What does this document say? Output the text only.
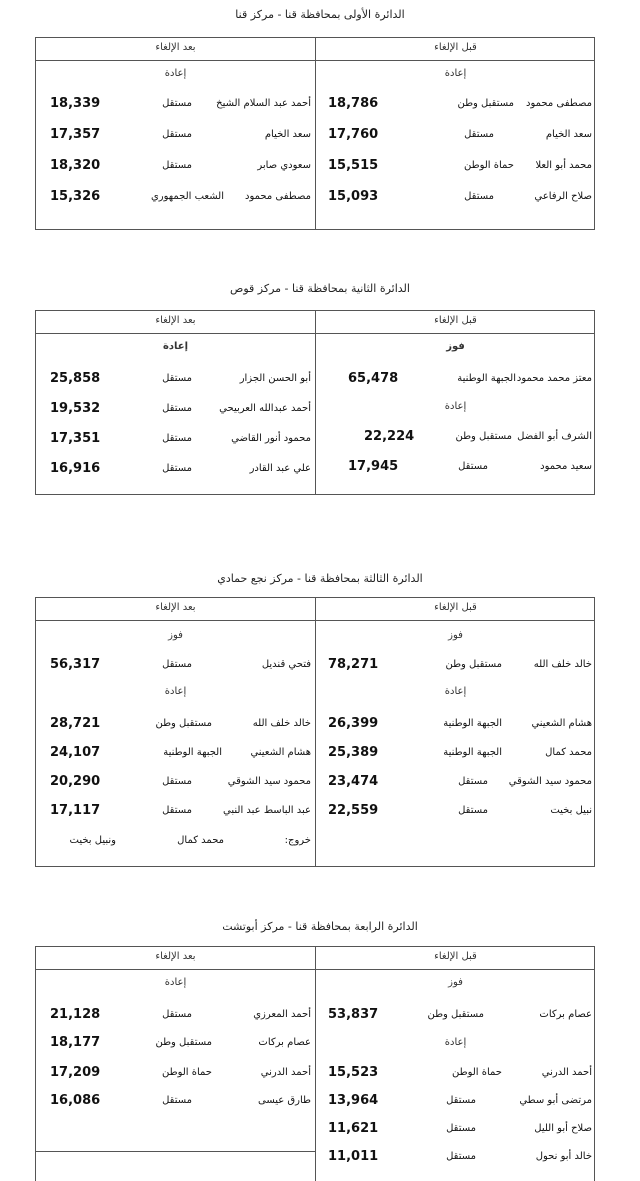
الدائرة الأولى بمحافظة قنا - مركز قنا
قبل الإلغاء
بعد الإلغاء
إعادة
مصطفى محمود
مستقبل وطن
18,786
سعد الخيام
مستقل
17,760
محمد أبو العلا
حماة الوطن
15,515
صلاح الرفاعي
مستقل
15,093
إعادة
أحمد عبد السلام الشيخ
مستقل
18,339
سعد الخيام
مستقل
17,357
سعودي صابر
مستقل
18,320
مصطفى محمود
الشعب الجمهوري
15,326
الدائرة الثانية بمحافظة قنا - مركز قوص
قبل الإلغاء
بعد الإلغاء
فوز
معتز محمد محمود
الجبهة الوطنية
65,478
إعادة
الشرف أبو الفضل
مستقبل وطن
22,224
سعيد محمود
مستقل
17,945
إعادة
أبو الحسن الجزار
مستقل
25,858
أحمد عبدالله العربيحي
مستقل
19,532
محمود أنور القاضي
مستقل
17,351
علي عبد القادر
مستقل
16,916
الدائرة الثالثة بمحافظة قنا - مركز نجع حمادي
قبل الإلغاء
بعد الإلغاء
فوز
خالد خلف الله
مستقبل وطن
78,271
إعادة
هشام الشعيني
الجبهة الوطنية
26,399
محمد كمال
الجبهة الوطنية
25,389
محمود سيد الشوقي
مستقل
23,474
نبيل بخيت
مستقل
22,559
فوز
فتحي قنديل
مستقل
56,317
إعادة
خالد خلف الله
مستقبل وطن
28,721
هشام الشعيني
الجبهة الوطنية
24,107
محمود سيد الشوقي
مستقل
20,290
عبد الباسط عبد النبي
مستقل
17,117
خروج:
محمد كمال
ونبيل بخيت
الدائرة الرابعة بمحافظة قنا - مركز أبوتشت
قبل الإلغاء
بعد الإلغاء
فوز
عصام بركات
مستقبل وطن
53,837
إعادة
أحمد الدرني
حماة الوطن
15,523
مرتضى أبو سطي
مستقل
13,964
صلاح أبو الليل
مستقل
11,621
خالد أبو نحول
مستقل
11,011
إعادة
أحمد المعرزي
مستقل
21,128
عصام بركات
مستقبل وطن
18,177
أحمد الدرني
حماة الوطن
17,209
طارق عيسى
مستقل
16,086
